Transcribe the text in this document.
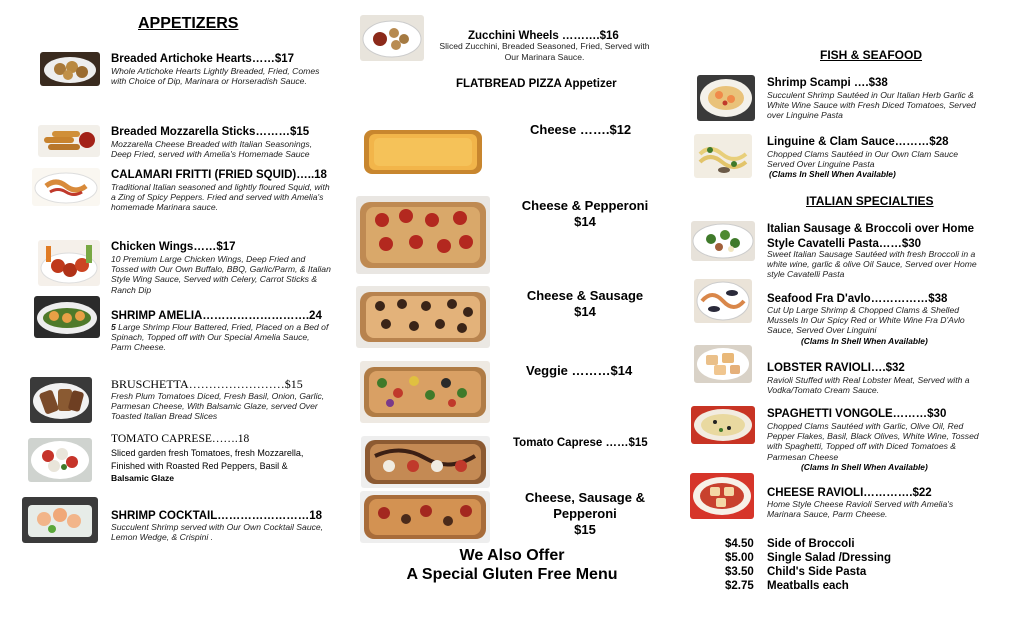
APPETIZERS
Breaded Artichoke Hearts……$17
Whole Artichoke Hearts Lightly Breaded, Fried, Comes with Choice of Dip, Marinara or Horseradish Sauce.
Breaded Mozzarella Sticks………$15
Mozzarella Cheese Breaded with Italian Seasonings, Deep Fried, served with Amelia's Homemade Sauce
CALAMARI FRITTI (FRIED SQUID)…..18
Traditional Italian seasoned and lightly floured Squid, with a Zing of Spicy Peppers. Fried and served with Amelia's homemade Marinara sauce.
Chicken Wings……$17
10 Premium Large Chicken Wings, Deep Fried and Tossed with Our Own Buffalo, BBQ, Garlic/Parm, & Italian Style Wing Sauce, Served with Celery, Carrot Sticks & Ranch Dip
SHRIMP AMELIA……………………….24
5 Large Shrimp Flour Battered, Fried, Placed on a Bed of Spinach, Topped off with Our Special Amelia Sauce,
Parm Cheese.
BRUSCHETTA……………………$15
Fresh Plum Tomatoes Diced, Fresh Basil, Onion, Garlic, Parmesan Cheese, With Balsamic Glaze, served Over Toasted Italian Bread Slices
TOMATO CAPRESE…….18
Sliced garden fresh Tomatoes, fresh Mozzarella, Finished with Roasted Red Peppers, Basil &
Balsamic Glaze
SHRIMP COCKTAIL……………………18
Succulent Shrimp served with Our Own Cocktail Sauce, Lemon Wedge, & Crispini .
Zucchini Wheels ……….$16
Sliced Zucchini, Breaded Seasoned, Fried, Served with Our Marinara Sauce.
FLATBREAD PIZZA Appetizer
Cheese …….$12
Cheese & Pepperoni
$14
Cheese & Sausage
$14
Veggie ………$14
Tomato Caprese ……$15
Cheese, Sausage &
Pepperoni
$15
We Also Offer
A Special Gluten Free Menu
FISH & SEAFOOD
Shrimp Scampi ….$38
Succulent Shrimp Sautéed in Our Italian Herb Garlic & White Wine Sauce with Fresh Diced Tomatoes, Served over Linguine Pasta
Linguine & Clam Sauce………$28
Chopped Clams Sautéed in Our Own Clam Sauce Served Over Linguine Pasta
(Clams In Shell When Available)
ITALIAN SPECIALTIES
Italian Sausage & Broccoli over Home
Style Cavatelli Pasta……$30
Sweet Italian Sausage Sautéed with fresh Broccoli in a white wine, garlic & olive Oil Sauce, Served over Home style Cavatelli Pasta
Seafood Fra D'avlo……………$38
Cut Up Large Shrimp & Chopped Clams & Shelled Mussels In Our Spicy Red or White Wine Fra D'Avlo Sauce, Served Over Linguini
(Clams In Shell When Available)
LOBSTER RAVIOLI….$32
Ravioli Stuffed with Real Lobster Meat, Served with a Vodka/Tomato Cream Sauce.
SPAGHETTI VONGOLE………$30
Chopped Clams Sautéed with Garlic, Olive Oil, Red Pepper Flakes, Basil, Black Olives, White Wine, Tossed with Spaghetti, Topped off with Diced Tomatoes & Parmesan Cheese
(Clams In Shell When Available)
CHEESE RAVIOLI………….$22
Home Style Cheese Ravioli Served with Amelia's Marinara Sauce, Parm Cheese.
$4.50 Side of Broccoli
$5.00 Single Salad /Dressing
$3.50 Child's Side Pasta
$2.75 Meatballs each
